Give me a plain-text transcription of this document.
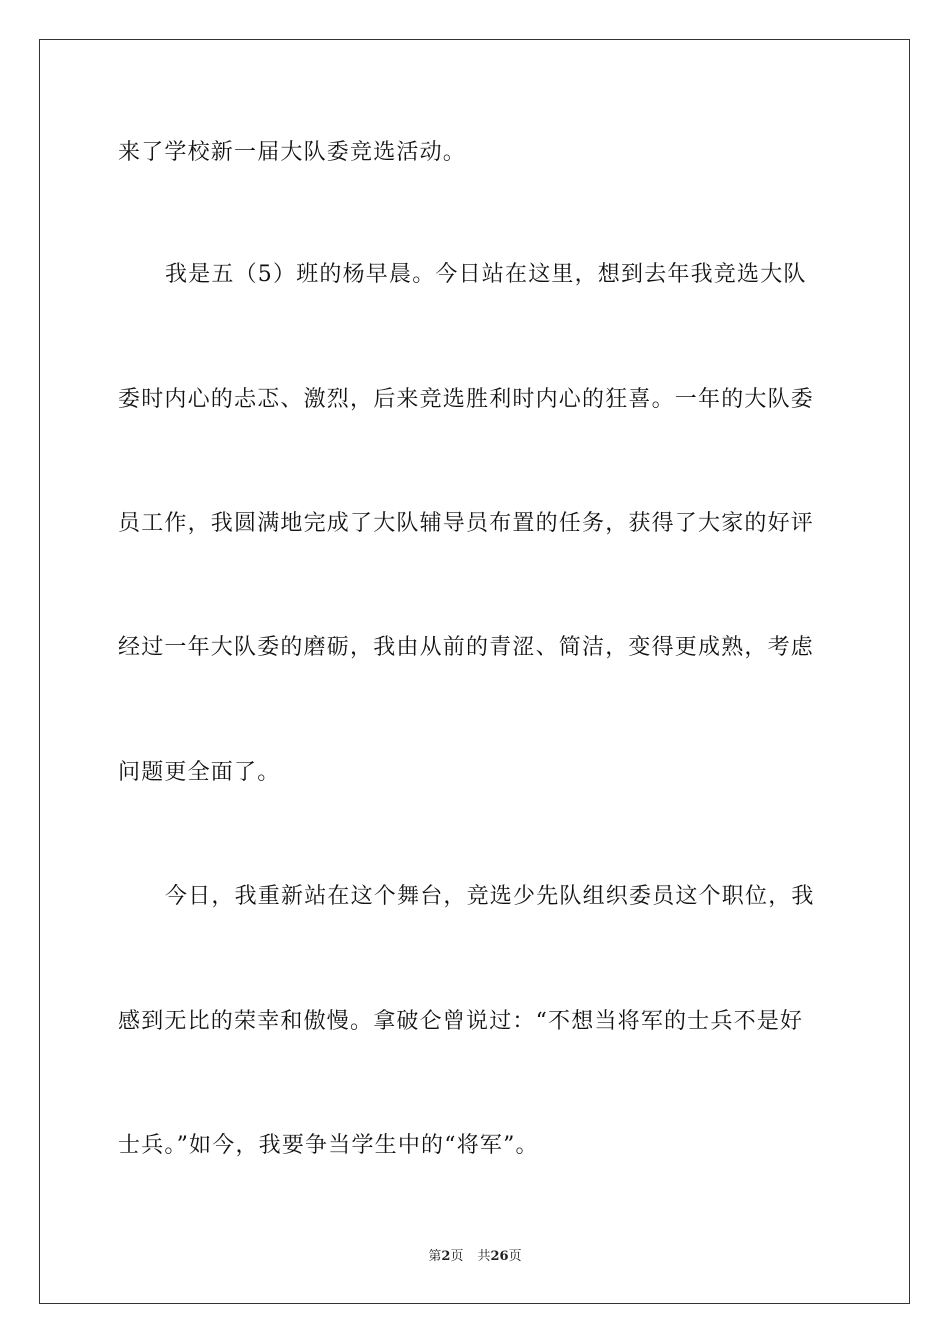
来了学校新一届大队委竞选活动。
我是五（5）班的杨早晨。今日站在这里，想到去年我竞选大队
委时内心的忐忑、激烈，后来竞选胜利时内心的狂喜。一年的大队委
员工作，我圆满地完成了大队辅导员布置的任务，获得了大家的好评
经过一年大队委的磨砺，我由从前的青涩、简洁，变得更成熟，考虑
问题更全面了。
今日，我重新站在这个舞台，竞选少先队组织委员这个职位，我
感到无比的荣幸和傲慢。拿破仑曾说过：“不想当将军的士兵不是好
士兵。”如今，我要争当学生中的“将军”。
第2页 共26页
